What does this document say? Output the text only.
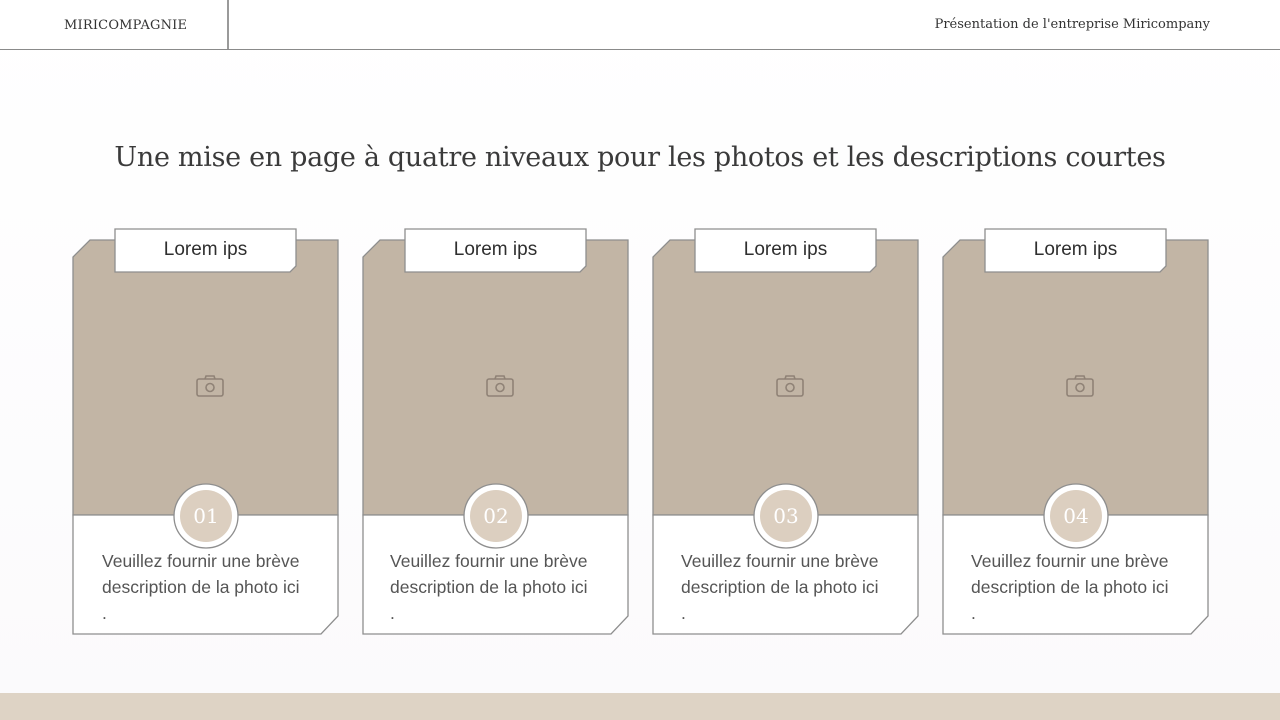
MIRICOMPAGNIE	Présentation de l'entreprise Miricompany
Une mise en page à quatre niveaux pour les photos et les descriptions courtes
Lorem ips
01
Veuillez fournir une brève description de la photo ici
.
Lorem ips
02
Veuillez fournir une brève description de la photo ici
.
Lorem ips
03
Veuillez fournir une brève description de la photo ici
.
Lorem ips
04
Veuillez fournir une brève description de la photo ici
.
